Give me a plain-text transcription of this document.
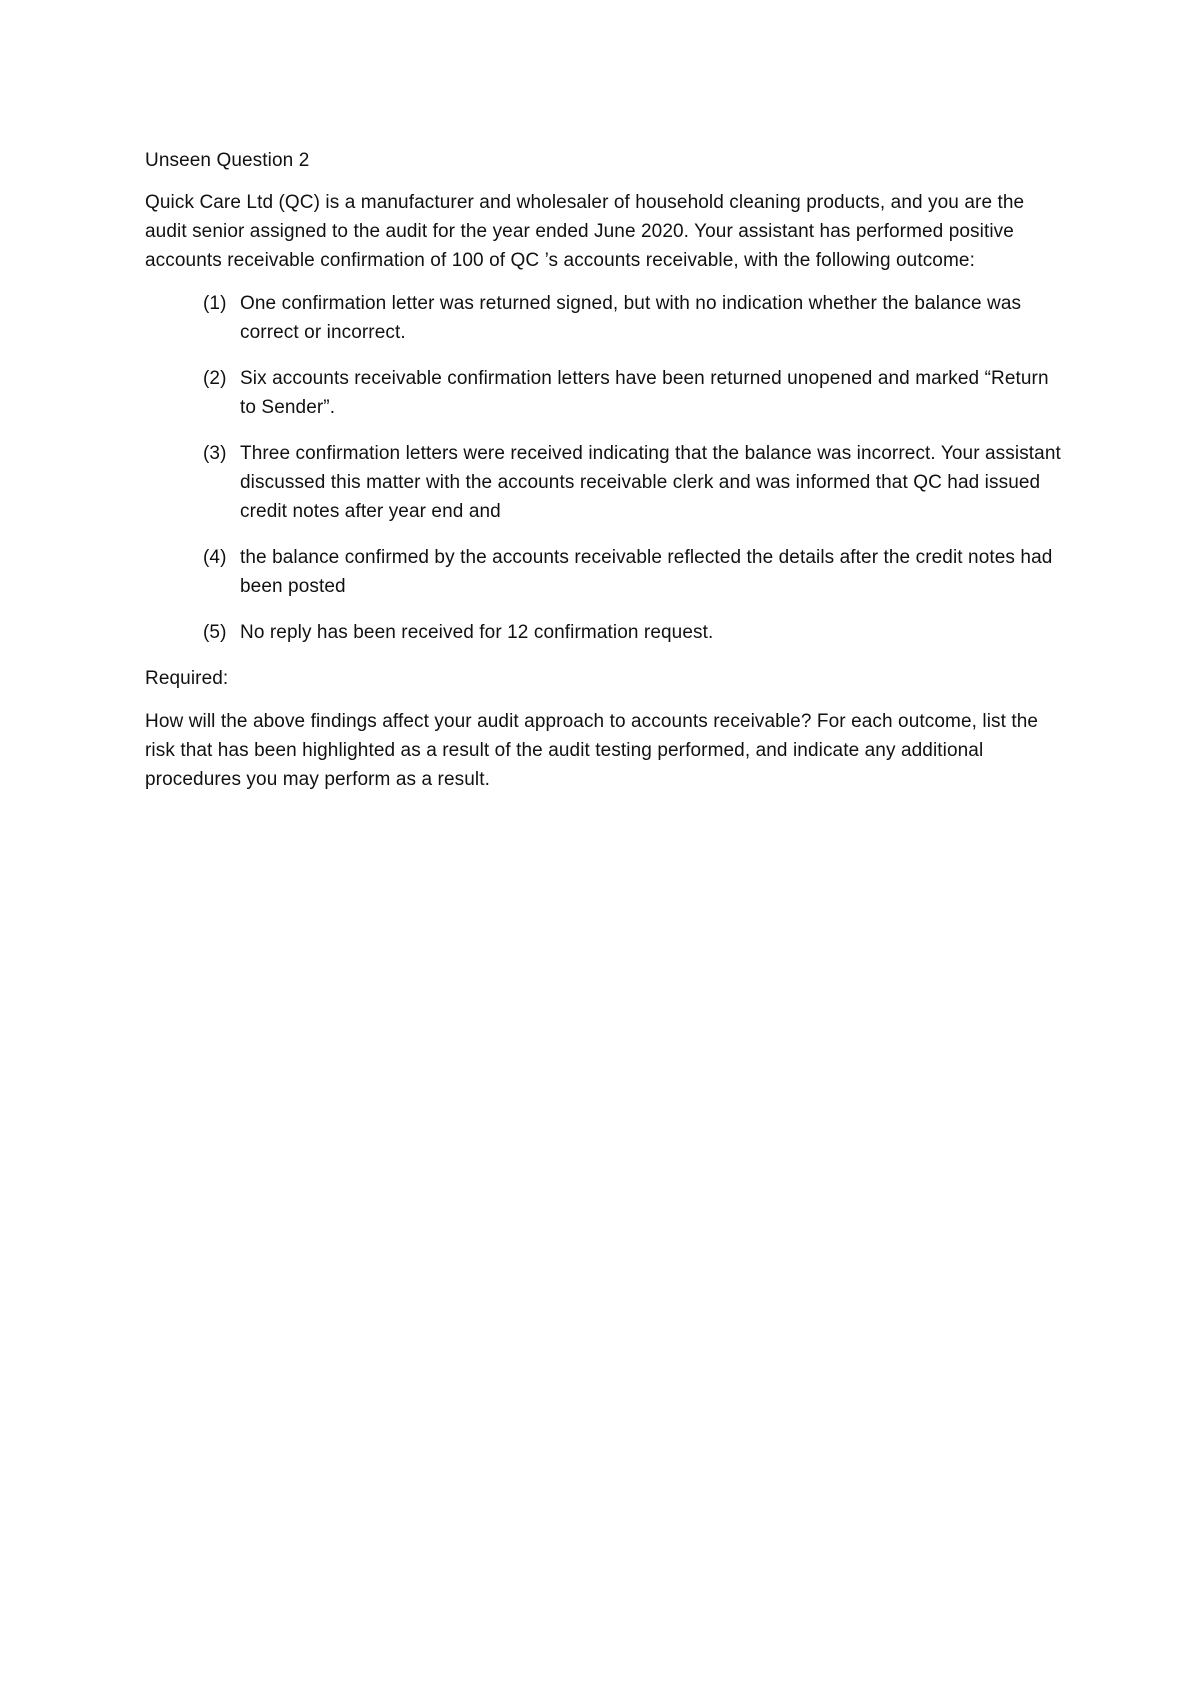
Unseen Question 2

Quick Care Ltd (QC) is a manufacturer and wholesaler of household cleaning products, and you are the audit senior assigned to the audit for the year ended June 2020. Your assistant has performed positive accounts receivable confirmation of 100 of QC ’s accounts receivable, with the following outcome:

(1) One confirmation letter was returned signed, but with no indication whether the balance was correct or incorrect.
(2) Six accounts receivable confirmation letters have been returned unopened and marked “Return to Sender”.
(3) Three confirmation letters were received indicating that the balance was incorrect. Your assistant discussed this matter with the accounts receivable clerk and was informed that QC had issued credit notes after year end and
(4) the balance confirmed by the accounts receivable reflected the details after the credit notes had been posted
(5) No reply has been received for 12 confirmation request.

Required:

How will the above findings affect your audit approach to accounts receivable? For each outcome, list the risk that has been highlighted as a result of the audit testing performed, and indicate any additional procedures you may perform as a result.
